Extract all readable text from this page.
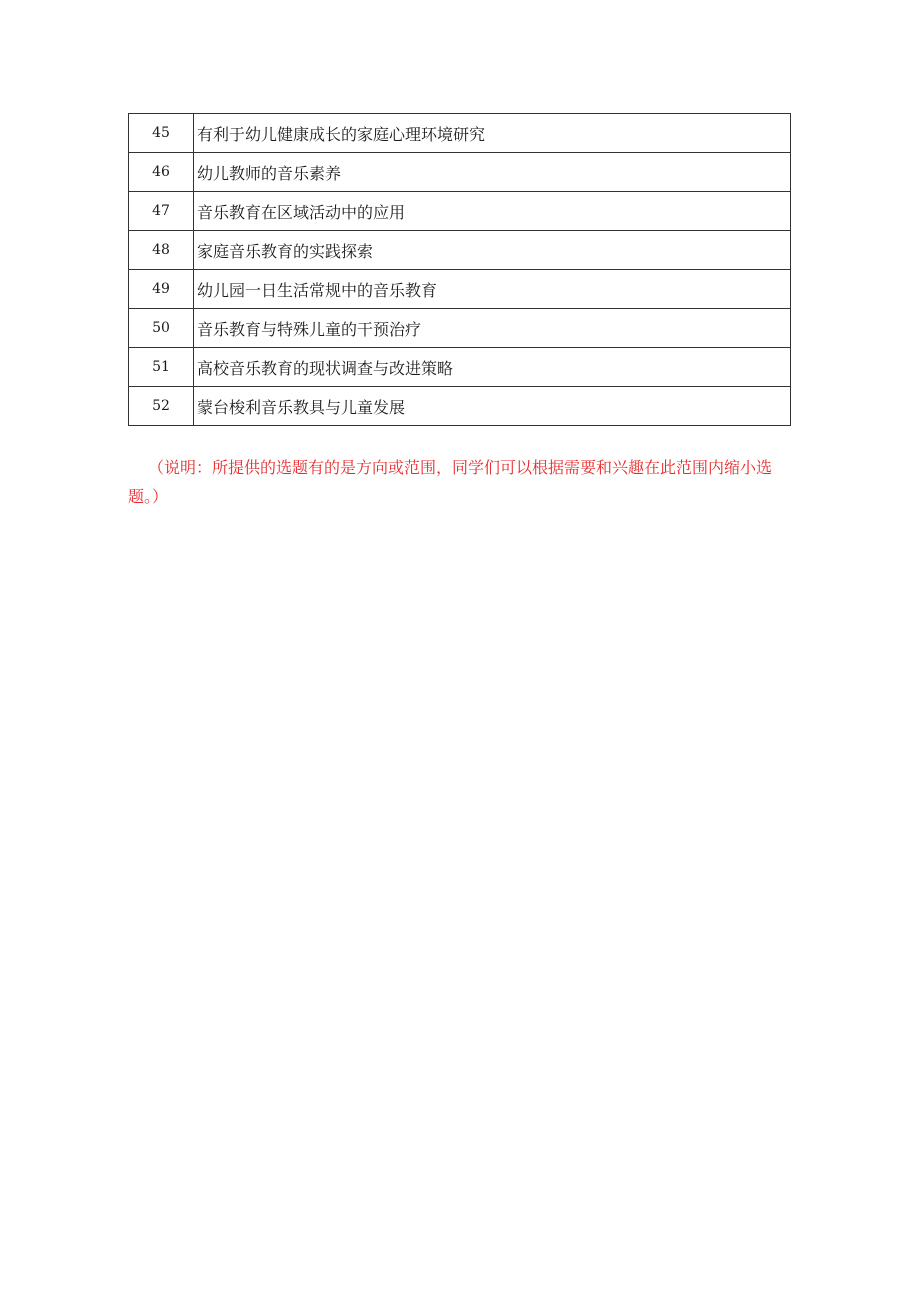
45	有利于幼儿健康成长的家庭心理环境研究
46	幼儿教师的音乐素养
47	音乐教育在区域活动中的应用
48	家庭音乐教育的实践探索
49	幼儿园一日生活常规中的音乐教育
50	音乐教育与特殊儿童的干预治疗
51	高校音乐教育的现状调查与改进策略
52	蒙台梭利音乐教具与儿童发展

（说明：所提供的选题有的是方向或范围，同学们可以根据需要和兴趣在此范围内缩小选题。）
